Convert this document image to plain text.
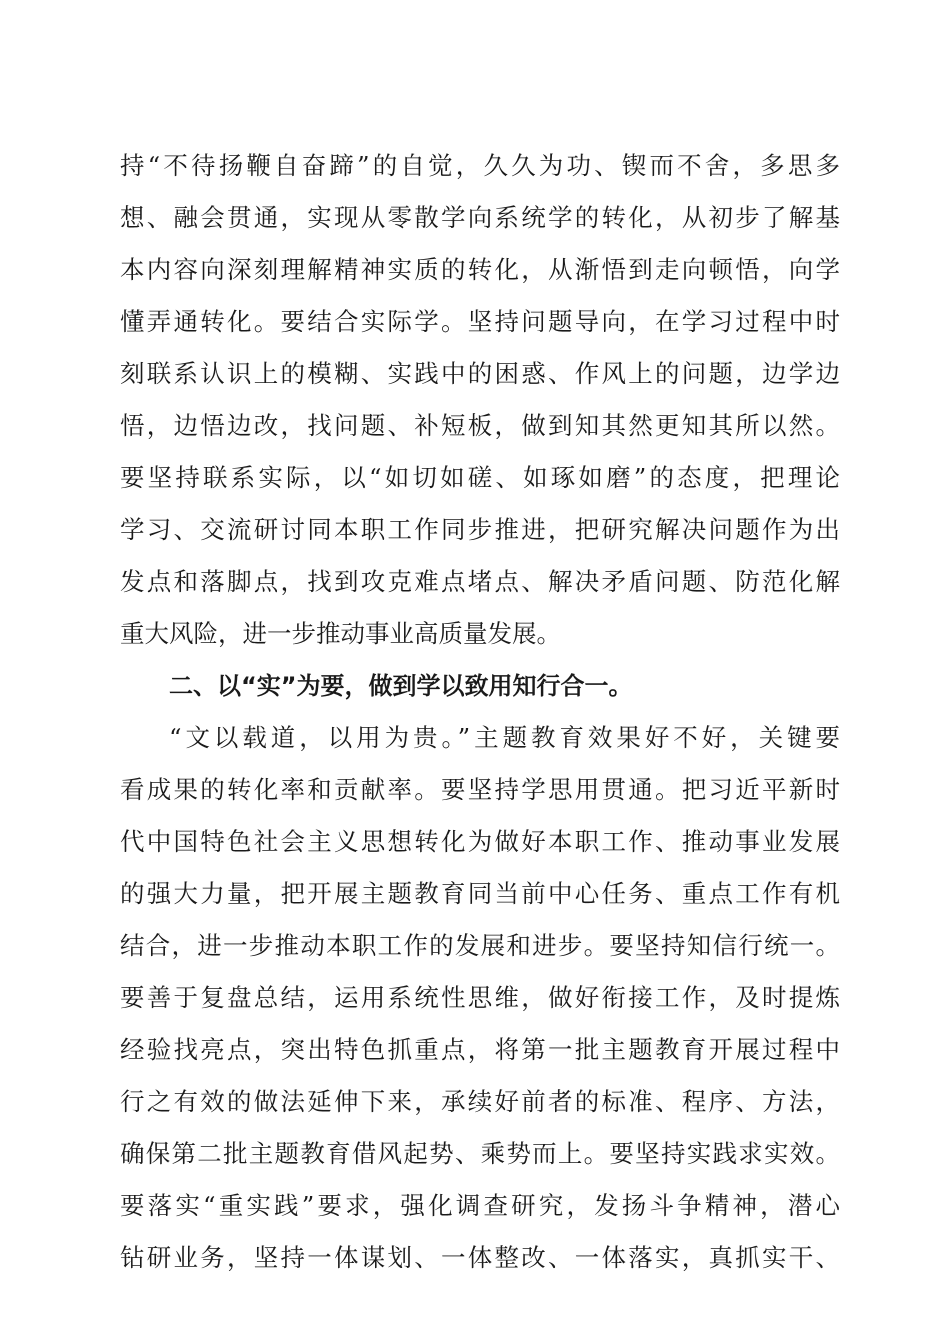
持“不待扬鞭自奋蹄”的自觉，久久为功、锲而不舍，多思多
想、融会贯通，实现从零散学向系统学的转化，从初步了解基
本内容向深刻理解精神实质的转化，从渐悟到走向顿悟，向学
懂弄通转化。要结合实际学。坚持问题导向，在学习过程中时
刻联系认识上的模糊、实践中的困惑、作风上的问题，边学边
悟，边悟边改，找问题、补短板，做到知其然更知其所以然。
要坚持联系实际，以“如切如磋、如琢如磨”的态度，把理论
学习、交流研讨同本职工作同步推进，把研究解决问题作为出
发点和落脚点，找到攻克难点堵点、解决矛盾问题、防范化解
重大风险，进一步推动事业高质量发展。
二、以“实”为要，做到学以致用知行合一。
“文以载道，以用为贵。”主题教育效果好不好，关键要
看成果的转化率和贡献率。要坚持学思用贯通。把习近平新时
代中国特色社会主义思想转化为做好本职工作、推动事业发展
的强大力量，把开展主题教育同当前中心任务、重点工作有机
结合，进一步推动本职工作的发展和进步。要坚持知信行统一。
要善于复盘总结，运用系统性思维，做好衔接工作，及时提炼
经验找亮点，突出特色抓重点，将第一批主题教育开展过程中
行之有效的做法延伸下来，承续好前者的标准、程序、方法，
确保第二批主题教育借风起势、乘势而上。要坚持实践求实效。
要落实“重实践”要求，强化调查研究，发扬斗争精神，潜心
钻研业务，坚持一体谋划、一体整改、一体落实，真抓实干、
